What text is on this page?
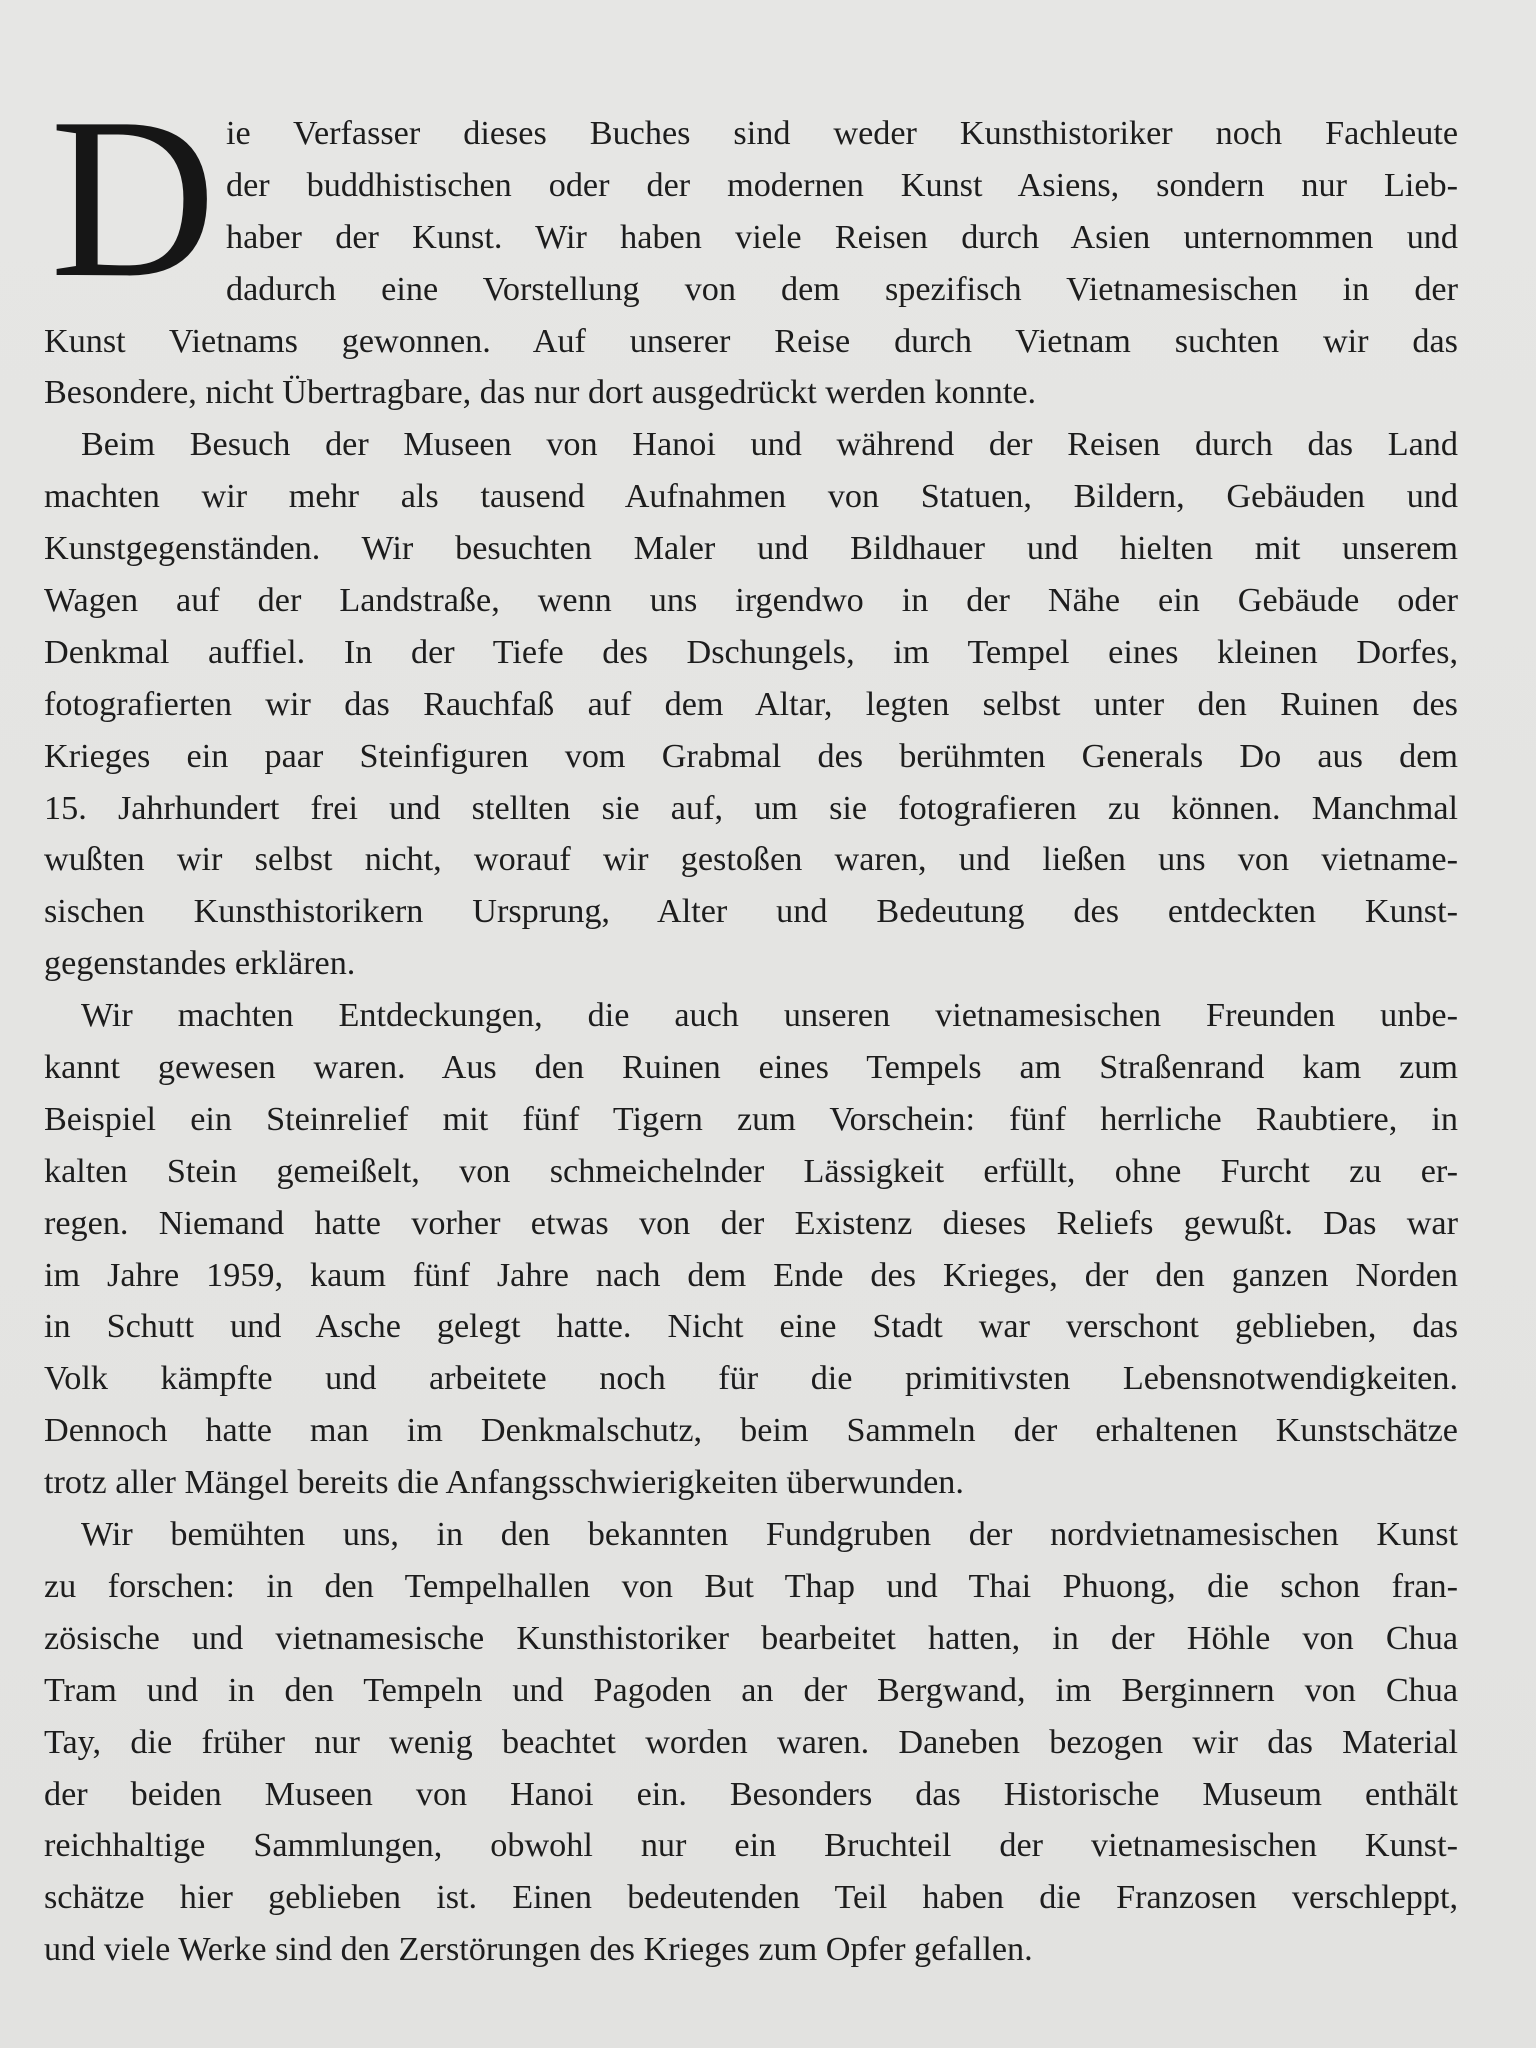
D ie Verfasser dieses Buches sind weder Kunsthistoriker noch Fachleute
der buddhistischen oder der modernen Kunst Asiens, sondern nur Lieb-
haber der Kunst. Wir haben viele Reisen durch Asien unternommen und
dadurch eine Vorstellung von dem spezifisch Vietnamesischen in der
Kunst Vietnams gewonnen. Auf unserer Reise durch Vietnam suchten wir das
Besondere, nicht Übertragbare, das nur dort ausgedrückt werden konnte.
Beim Besuch der Museen von Hanoi und während der Reisen durch das Land
machten wir mehr als tausend Aufnahmen von Statuen, Bildern, Gebäuden und
Kunstgegenständen. Wir besuchten Maler und Bildhauer und hielten mit unserem
Wagen auf der Landstraße, wenn uns irgendwo in der Nähe ein Gebäude oder
Denkmal auffiel. In der Tiefe des Dschungels, im Tempel eines kleinen Dorfes,
fotografierten wir das Rauchfaß auf dem Altar, legten selbst unter den Ruinen des
Krieges ein paar Steinfiguren vom Grabmal des berühmten Generals Do aus dem
15. Jahrhundert frei und stellten sie auf, um sie fotografieren zu können. Manchmal
wußten wir selbst nicht, worauf wir gestoßen waren, und ließen uns von vietname-
sischen Kunsthistorikern Ursprung, Alter und Bedeutung des entdeckten Kunst-
gegenstandes erklären.
Wir machten Entdeckungen, die auch unseren vietnamesischen Freunden unbe-
kannt gewesen waren. Aus den Ruinen eines Tempels am Straßenrand kam zum
Beispiel ein Steinrelief mit fünf Tigern zum Vorschein: fünf herrliche Raubtiere, in
kalten Stein gemeißelt, von schmeichelnder Lässigkeit erfüllt, ohne Furcht zu er-
regen. Niemand hatte vorher etwas von der Existenz dieses Reliefs gewußt. Das war
im Jahre 1959, kaum fünf Jahre nach dem Ende des Krieges, der den ganzen Norden
in Schutt und Asche gelegt hatte. Nicht eine Stadt war verschont geblieben, das
Volk kämpfte und arbeitete noch für die primitivsten Lebensnotwendigkeiten.
Dennoch hatte man im Denkmalschutz, beim Sammeln der erhaltenen Kunstschätze
trotz aller Mängel bereits die Anfangsschwierigkeiten überwunden.
Wir bemühten uns, in den bekannten Fundgruben der nordvietnamesischen Kunst
zu forschen: in den Tempelhallen von But Thap und Thai Phuong, die schon fran-
zösische und vietnamesische Kunsthistoriker bearbeitet hatten, in der Höhle von Chua
Tram und in den Tempeln und Pagoden an der Bergwand, im Berginnern von Chua
Tay, die früher nur wenig beachtet worden waren. Daneben bezogen wir das Material
der beiden Museen von Hanoi ein. Besonders das Historische Museum enthält
reichhaltige Sammlungen, obwohl nur ein Bruchteil der vietnamesischen Kunst-
schätze hier geblieben ist. Einen bedeutenden Teil haben die Franzosen verschleppt,
und viele Werke sind den Zerstörungen des Krieges zum Opfer gefallen.
